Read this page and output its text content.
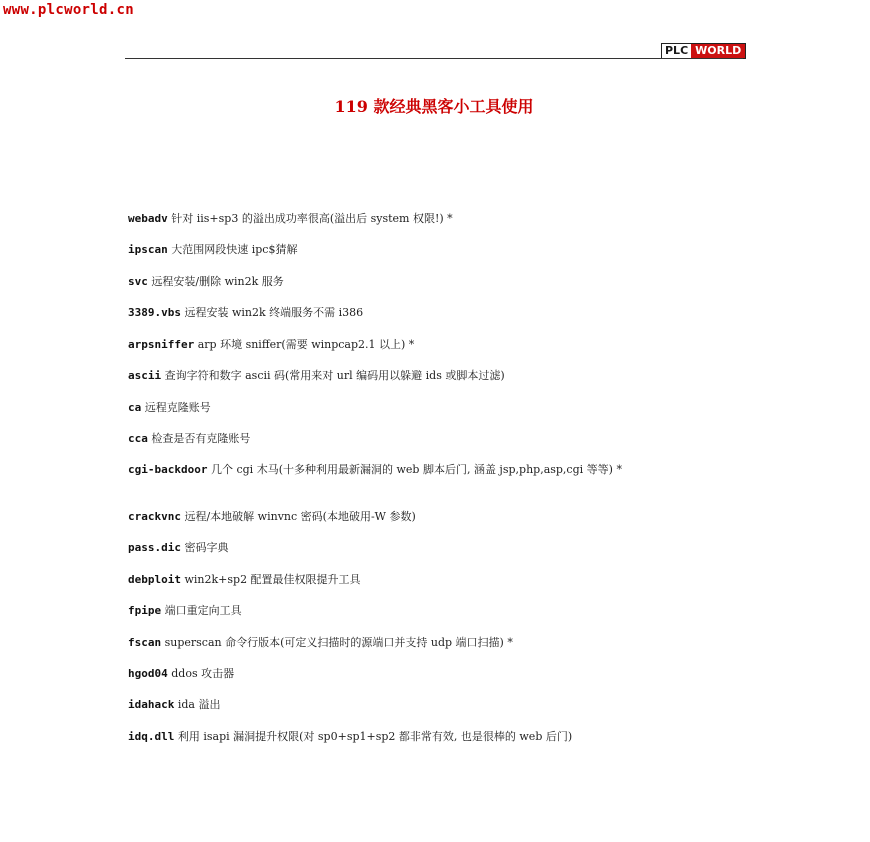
www.plcworld.cn
PLC WORLD
119 款经典黑客小工具使用
webadv 针对 iis+sp3 的溢出成功率很高(溢出后 system 权限!) *
ipscan 大范围网段快速 ipc$猜解
svc 远程安装/删除 win2k 服务
3389.vbs 远程安装 win2k 终端服务不需 i386
arpsniffer arp 环境 sniffer(需要 winpcap2.1 以上) *
ascii 查询字符和数字 ascii 码(常用来对 url 编码用以躲避 ids 或脚本过滤)
ca 远程克隆账号
cca 检查是否有克隆账号
cgi-backdoor 几个 cgi 木马(十多种利用最新漏洞的 web 脚本后门, 涵盖 jsp,php,asp,cgi 等等) *
crackvnc 远程/本地破解 winvnc 密码(本地破用-W 参数)
pass.dic 密码字典
debploit win2k+sp2 配置最佳权限提升工具
fpipe 端口重定向工具
fscan superscan 命令行版本(可定义扫描时的源端口并支持 udp 端口扫描) *
hgod04 ddos 攻击器
idahack ida 溢出
idq.dll 利用 isapi 漏洞提升权限(对 sp0+sp1+sp2 都非常有效, 也是很棒的 web 后门)
